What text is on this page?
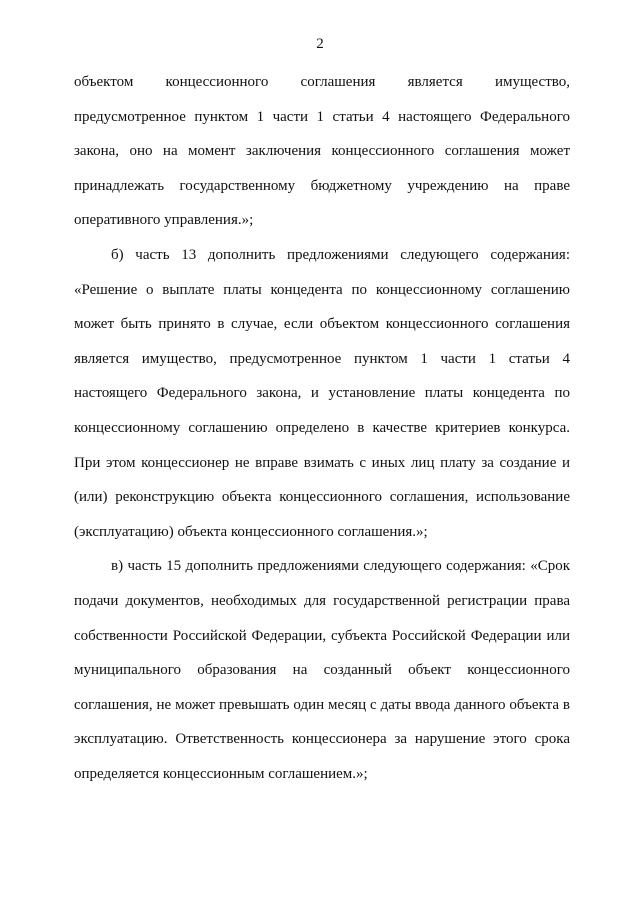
2

объектом концессионного соглашения является имущество, предусмотренное пунктом 1 части 1 статьи 4 настоящего Федерального закона, оно на момент заключения концессионного соглашения может принадлежать государственному бюджетному учреждению на праве оперативного управления.»;

б) часть 13 дополнить предложениями следующего содержания: «Решение о выплате платы концедента по концессионному соглашению может быть принято в случае, если объектом концессионного соглашения является имущество, предусмотренное пунктом 1 части 1 статьи 4 настоящего Федерального закона, и установление платы концедента по концессионному соглашению определено в качестве критериев конкурса. При этом концессионер не вправе взимать с иных лиц плату за создание и (или) реконструкцию объекта концессионного соглашения, использование (эксплуатацию) объекта концессионного соглашения.»;

в) часть 15 дополнить предложениями следующего содержания: «Срок подачи документов, необходимых для государственной регистрации права собственности Российской Федерации, субъекта Российской Федерации или муниципального образования на созданный объект концессионного соглашения, не может превышать один месяц с даты ввода данного объекта в эксплуатацию. Ответственность концессионера за нарушение этого срока определяется концессионным соглашением.»;
